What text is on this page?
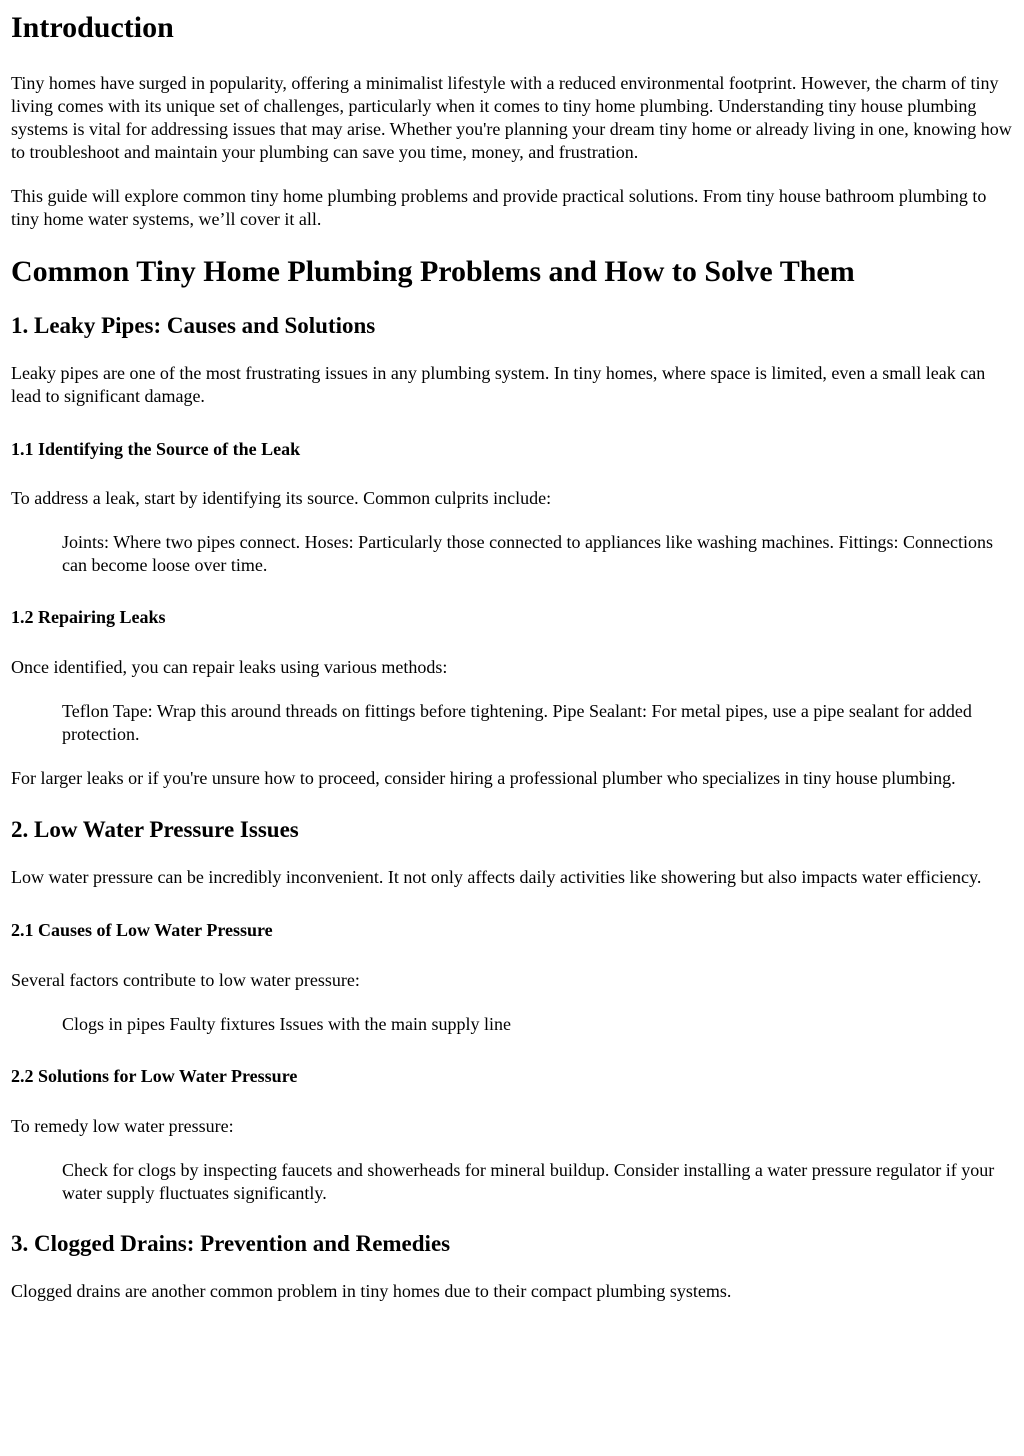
Introduction

Tiny homes have surged in popularity, offering a minimalist lifestyle with a reduced environmental footprint. However, the charm of tiny living comes with its unique set of challenges, particularly when it comes to tiny home plumbing. Understanding tiny house plumbing systems is vital for addressing issues that may arise. Whether you're planning your dream tiny home or already living in one, knowing how to troubleshoot and maintain your plumbing can save you time, money, and frustration.

This guide will explore common tiny home plumbing problems and provide practical solutions. From tiny house bathroom plumbing to tiny home water systems, we’ll cover it all.

Common Tiny Home Plumbing Problems and How to Solve Them
1. Leaky Pipes: Causes and Solutions

Leaky pipes are one of the most frustrating issues in any plumbing system. In tiny homes, where space is limited, even a small leak can lead to significant damage.

1.1 Identifying the Source of the Leak

To address a leak, start by identifying its source. Common culprits include:

Joints: Where two pipes connect. Hoses: Particularly those connected to appliances like washing machines. Fittings: Connections can become loose over time.
1.2 Repairing Leaks

Once identified, you can repair leaks using various methods:

Teflon Tape: Wrap this around threads on fittings before tightening. Pipe Sealant: For metal pipes, use a pipe sealant for added protection.

For larger leaks or if you're unsure how to proceed, consider hiring a professional plumber who specializes in tiny house plumbing.

2. Low Water Pressure Issues

Low water pressure can be incredibly inconvenient. It not only affects daily activities like showering but also impacts water efficiency.

2.1 Causes of Low Water Pressure

Several factors contribute to low water pressure:

Clogs in pipes Faulty fixtures Issues with the main supply line
2.2 Solutions for Low Water Pressure

To remedy low water pressure:

Check for clogs by inspecting faucets and showerheads for mineral buildup. Consider installing a water pressure regulator if your water supply fluctuates significantly.
3. Clogged Drains: Prevention and Remedies

Clogged drains are another common problem in tiny homes due to their compact plumbing systems.
